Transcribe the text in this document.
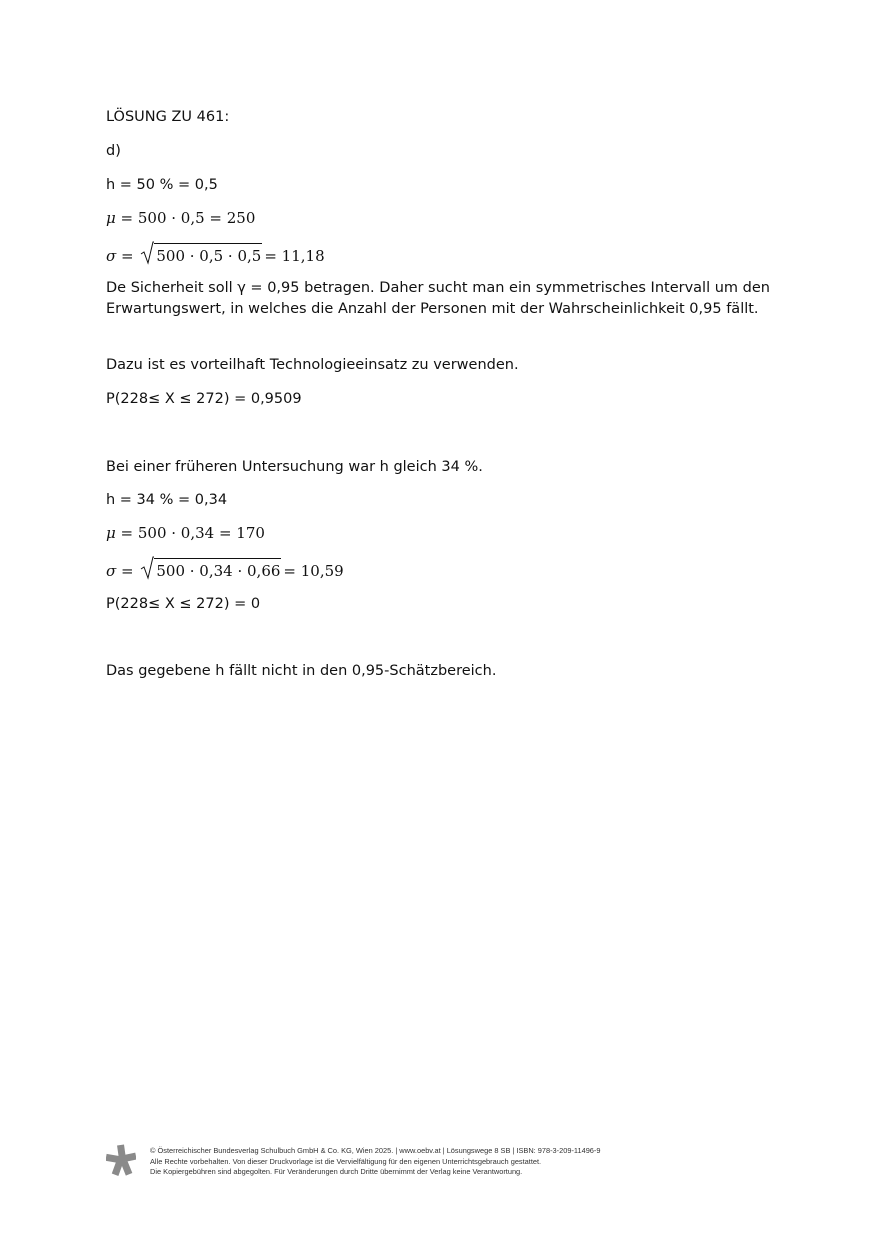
LÖSUNG ZU 461:
d)
h = 50 % = 0,5
μ = 500 · 0,5 = 250
σ = 500 · 0,5 · 0,5 = 11,18
De Sicherheit soll γ = 0,95 betragen. Daher sucht man ein symmetrisches Intervall um den
Erwartungswert, in welches die Anzahl der Personen mit der Wahrscheinlichkeit 0,95 fällt.
Dazu ist es vorteilhaft Technologieeinsatz zu verwenden.
P(228≤ X ≤ 272) = 0,9509
Bei einer früheren Untersuchung war h gleich 34 %.
h = 34 % = 0,34
μ = 500 · 0,34 = 170
σ = 500 · 0,34 · 0,66 = 10,59
P(228≤ X ≤ 272) = 0
Das gegebene h fällt nicht in den 0,95-Schätzbereich.
© Österreichischer Bundesverlag Schulbuch GmbH & Co. KG, Wien 2025. | www.oebv.at | Lösungswege 8 SB | ISBN: 978-3-209-11496-9
Alle Rechte vorbehalten. Von dieser Druckvorlage ist die Vervielfältigung für den eigenen Unterrichtsgebrauch gestattet.
Die Kopiergebühren sind abgegolten. Für Veränderungen durch Dritte übernimmt der Verlag keine Verantwortung.
